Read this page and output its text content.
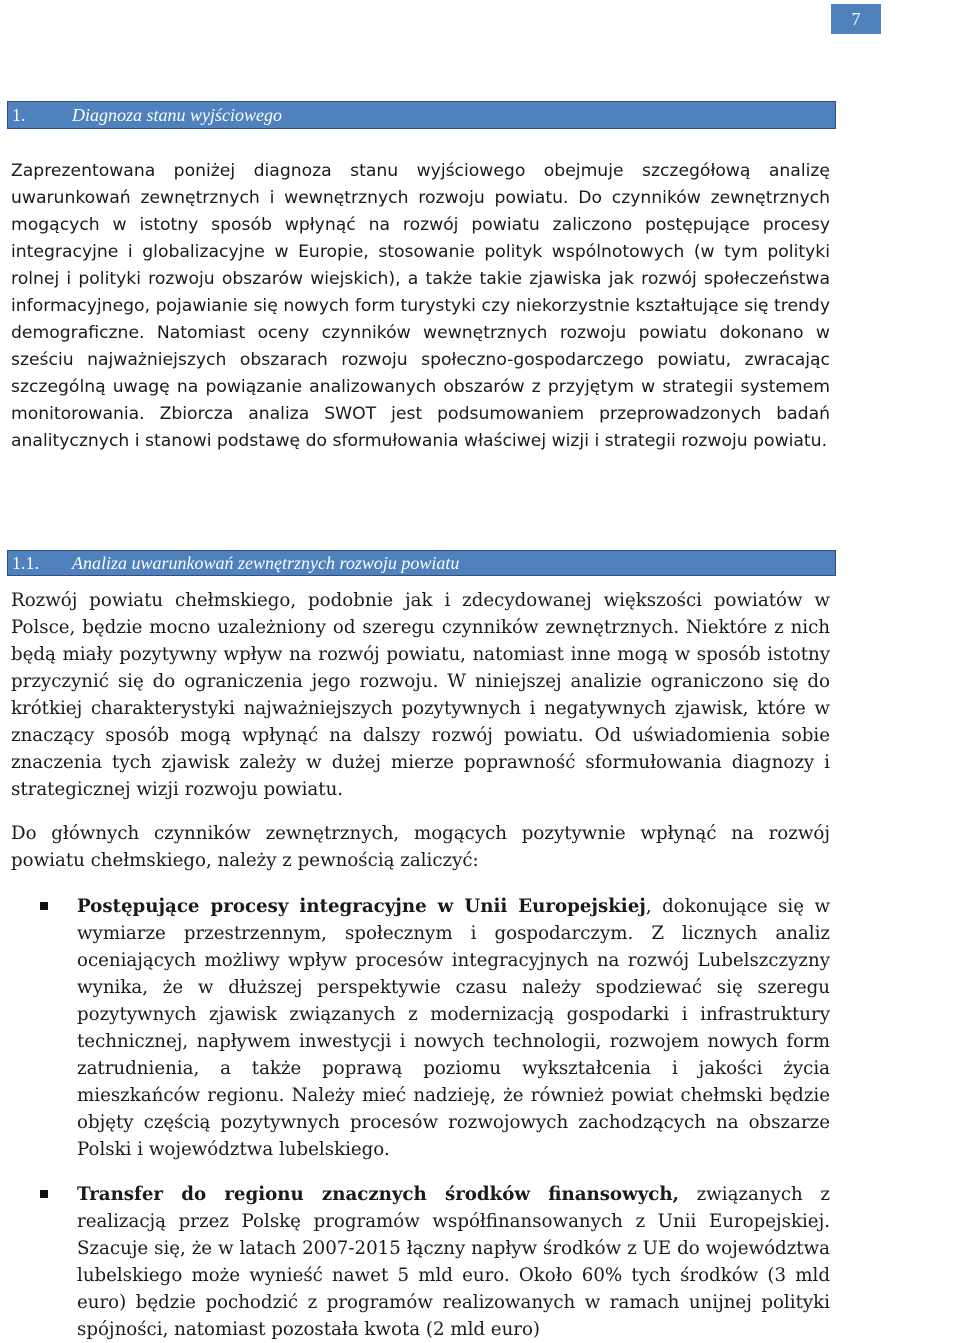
7
1.	Diagnoza stanu wyjściowego
Zaprezentowana poniżej diagnoza stanu wyjściowego obejmuje szczegółową analizę uwarunkowań zewnętrznych i wewnętrznych rozwoju powiatu. Do czynników zewnętrznych mogących w istotny sposób wpłynąć na rozwój powiatu zaliczono postępujące procesy integracyjne i globalizacyjne w Europie, stosowanie polityk wspólnotowych (w tym polityki rolnej i polityki rozwoju obszarów wiejskich), a także takie zjawiska jak rozwój społeczeństwa informacyjnego, pojawianie się nowych form turystyki czy niekorzystnie kształtujące się trendy demograficzne. Natomiast oceny czynników wewnętrznych rozwoju powiatu dokonano w sześciu najważniejszych obszarach rozwoju społeczno-gospodarczego powiatu, zwracając szczególną uwagę na powiązanie analizowanych obszarów z przyjętym w strategii systemem monitorowania. Zbiorcza analiza SWOT jest podsumowaniem przeprowadzonych badań analitycznych i stanowi podstawę do sformułowania właściwej wizji i strategii rozwoju powiatu.
1.1.	Analiza uwarunkowań zewnętrznych rozwoju powiatu
Rozwój powiatu chełmskiego, podobnie jak i zdecydowanej większości powiatów w Polsce, będzie mocno uzależniony od szeregu czynników zewnętrznych. Niektóre z nich będą miały pozytywny wpływ na rozwój powiatu, natomiast inne mogą w sposób istotny przyczynić się do ograniczenia jego rozwoju. W niniejszej analizie ograniczono się do krótkiej charakterystyki najważniejszych pozytywnych i negatywnych zjawisk, które w znaczący sposób mogą wpłynąć na dalszy rozwój powiatu. Od uświadomienia sobie znaczenia tych zjawisk zależy w dużej mierze poprawność sformułowania diagnozy i strategicznej wizji rozwoju powiatu.
Do głównych czynników zewnętrznych, mogących pozytywnie wpłynąć na rozwój powiatu chełmskiego, należy z pewnością zaliczyć:
Postępujące procesy integracyjne w Unii Europejskiej, dokonujące się w wymiarze przestrzennym, społecznym i gospodarczym. Z licznych analiz oceniających możliwy wpływ procesów integracyjnych na rozwój Lubelszczyzny wynika, że w dłuższej perspektywie czasu należy spodziewać się szeregu pozytywnych zjawisk związanych z modernizacją gospodarki i infrastruktury technicznej, napływem inwestycji i nowych technologii, rozwojem nowych form zatrudnienia, a także poprawą poziomu wykształcenia i jakości życia mieszkańców regionu. Należy mieć nadzieję, że również powiat chełmski będzie objęty częścią pozytywnych procesów rozwojowych zachodzących na obszarze Polski i województwa lubelskiego.
Transfer do regionu znacznych środków finansowych, związanych z realizacją przez Polskę programów współfinansowanych z Unii Europejskiej. Szacuje się, że w latach 2007-2015 łączny napływ środków z UE do województwa lubelskiego może wynieść nawet 5 mld euro. Około 60% tych środków (3 mld euro) będzie pochodzić z programów realizowanych w ramach unijnej polityki spójności, natomiast pozostała kwota (2 mld euro)
